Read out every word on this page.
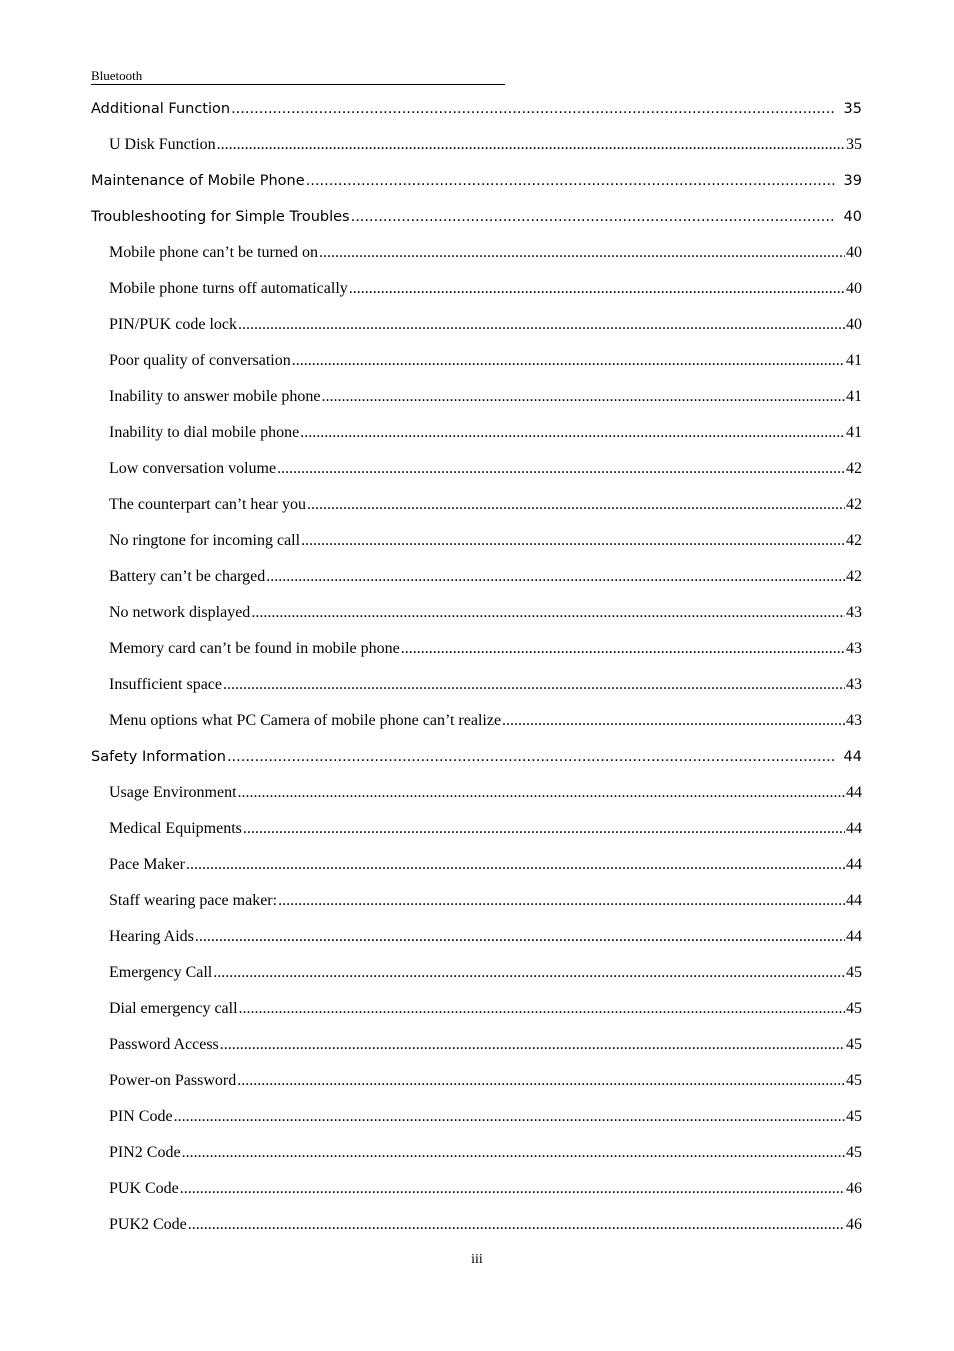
Bluetooth
Additional Function .....	35
U Disk Function .....	35
Maintenance of Mobile Phone .....	39
Troubleshooting for Simple Troubles .....	40
Mobile phone can’t be turned on .....	40
Mobile phone turns off automatically .....	40
PIN/PUK code lock .....	40
Poor quality of conversation .....	41
Inability to answer mobile phone .....	41
Inability to dial mobile phone .....	41
Low conversation volume .....	42
The counterpart can’t hear you .....	42
No ringtone for incoming call .....	42
Battery can’t be charged .....	42
No network displayed .....	43
Memory card can’t be found in mobile phone .....	43
Insufficient space .....	43
Menu options what PC Camera of mobile phone can’t realize .....	43
Safety Information .....	44
Usage Environment .....	44
Medical Equipments .....	44
Pace Maker .....	44
Staff wearing pace maker: .....	44
Hearing Aids .....	44
Emergency Call .....	45
Dial emergency call .....	45
Password Access .....	45
Power-on Password .....	45
PIN Code .....	45
PIN2 Code .....	45
PUK Code .....	46
PUK2 Code .....	46
iii
